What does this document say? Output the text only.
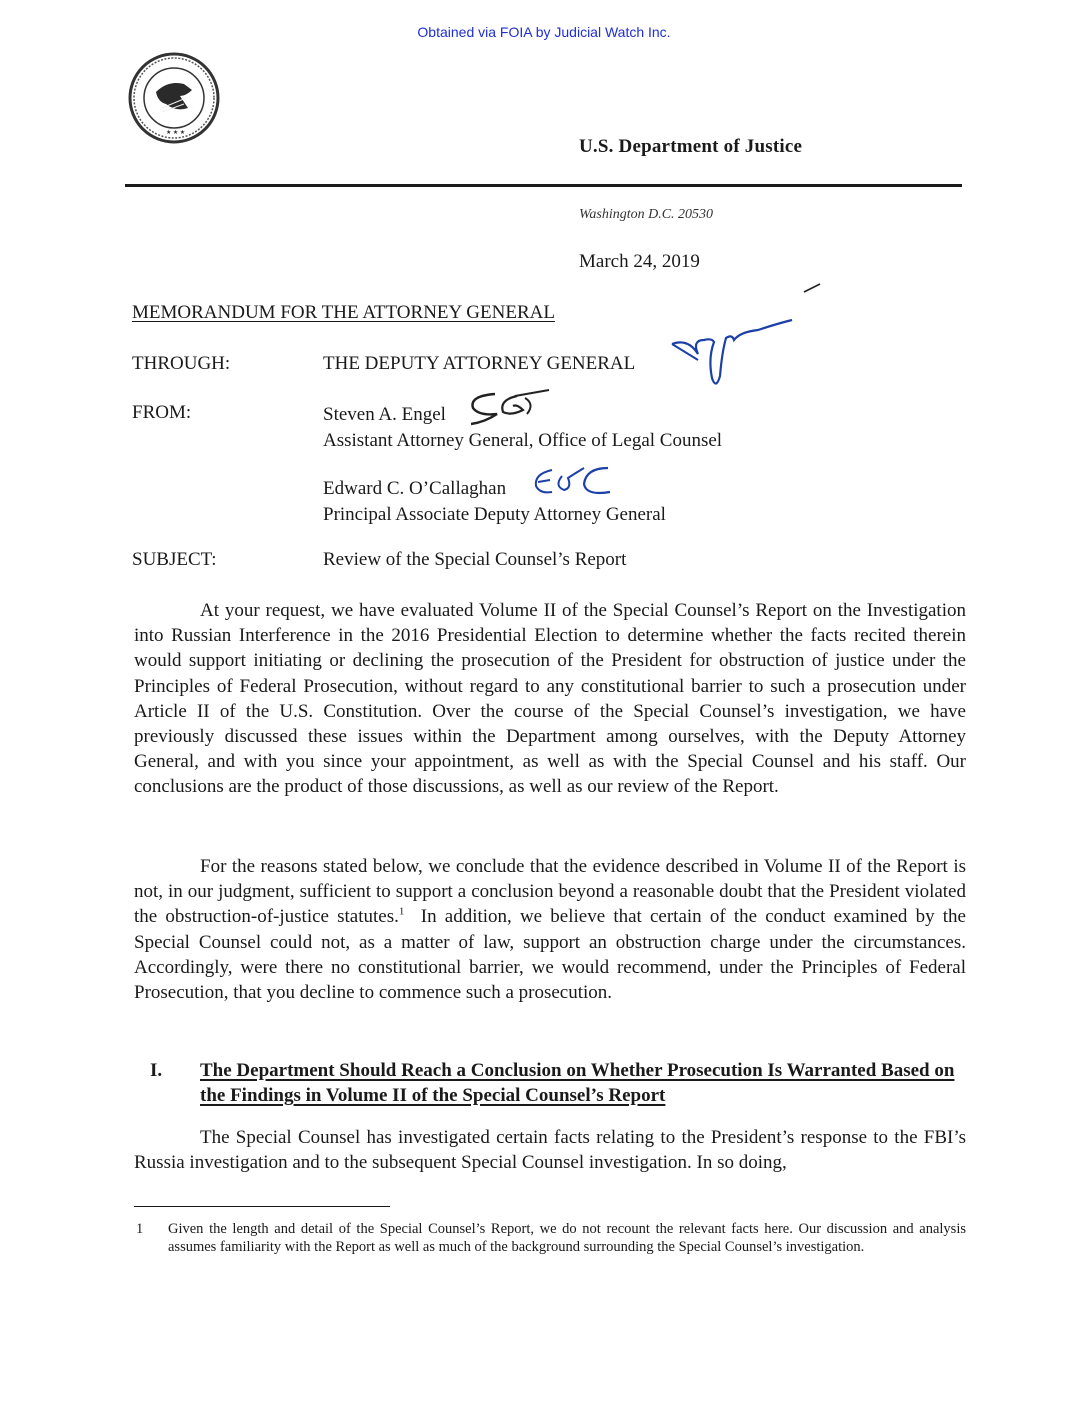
Obtained via FOIA by Judicial Watch Inc.
★ ★ ★
U.S. Department of Justice
Washington D.C. 20530
March 24, 2019
MEMORANDUM FOR THE ATTORNEY GENERAL
THROUGH:	THE DEPUTY ATTORNEY GENERAL
FROM:	Steven A. Engel
Assistant Attorney General, Office of Legal Counsel
Edward C. O’Callaghan
Principal Associate Deputy Attorney General
SUBJECT:	Review of the Special Counsel’s Report
At your request, we have evaluated Volume II of the Special Counsel’s Report on the Investigation into Russian Interference in the 2016 Presidential Election to determine whether the facts recited therein would support initiating or declining the prosecution of the President for obstruction of justice under the Principles of Federal Prosecution, without regard to any constitutional barrier to such a prosecution under Article II of the U.S. Constitution. Over the course of the Special Counsel’s investigation, we have previously discussed these issues within the Department among ourselves, with the Deputy Attorney General, and with you since your appointment, as well as with the Special Counsel and his staff. Our conclusions are the product of those discussions, as well as our review of the Report.
For the reasons stated below, we conclude that the evidence described in Volume II of the Report is not, in our judgment, sufficient to support a conclusion beyond a reasonable doubt that the President violated the obstruction-of-justice statutes.$^1$ In addition, we believe that certain of the conduct examined by the Special Counsel could not, as a matter of law, support an obstruction charge under the circumstances. Accordingly, were there no constitutional barrier, we would recommend, under the Principles of Federal Prosecution, that you decline to commence such a prosecution.
I. The Department Should Reach a Conclusion on Whether Prosecution Is Warranted Based on the Findings in Volume II of the Special Counsel’s Report
The Special Counsel has investigated certain facts relating to the President’s response to the FBI’s Russia investigation and to the subsequent Special Counsel investigation. In so doing,
1 Given the length and detail of the Special Counsel’s Report, we do not recount the relevant facts here. Our discussion and analysis assumes familiarity with the Report as well as much of the background surrounding the Special Counsel’s investigation.
